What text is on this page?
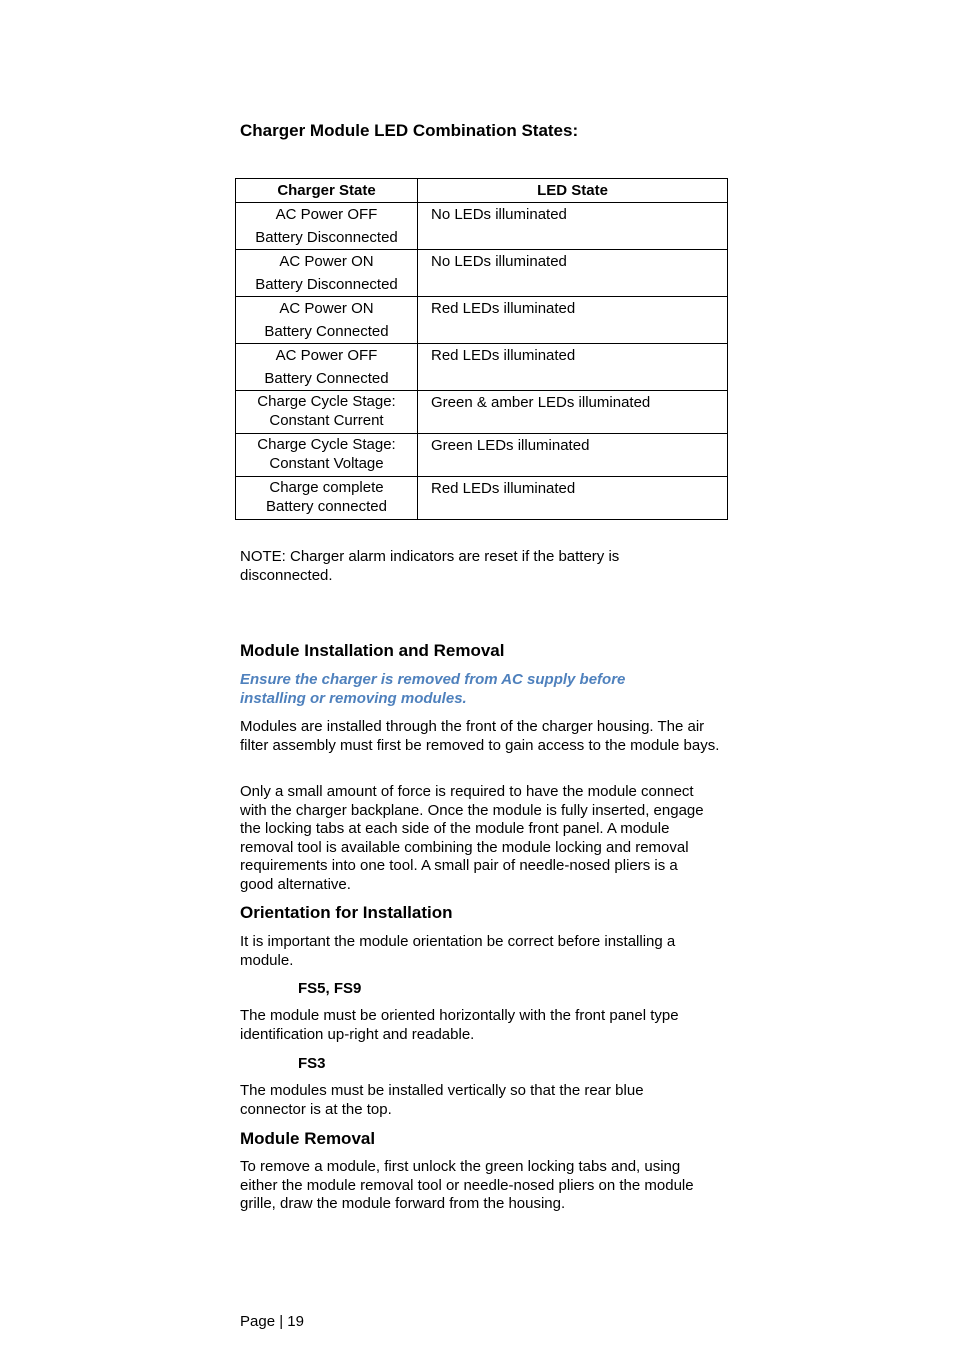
Charger Module LED Combination States:
Charger State	LED State

AC Power OFF
Battery Disconnected	No LEDs illuminated

AC Power ON
Battery Disconnected	No LEDs illuminated

AC Power ON
Battery Connected	Red LEDs illuminated

AC Power OFF
Battery Connected	Red LEDs illuminated

Charge Cycle Stage:
Constant Current	Green & amber LEDs illuminated

Charge Cycle Stage:
Constant Voltage	Green LEDs illuminated

Charge complete
Battery connected	Red LEDs illuminated

NOTE: Charger alarm indicators are reset if the battery is disconnected.

Module Installation and Removal

Ensure the charger is removed from AC supply before installing or removing modules.

Modules are installed through the front of the charger housing. The air filter assembly must first be removed to gain access to the module bays.

Only a small amount of force is required to have the module connect with the charger backplane. Once the module is fully inserted, engage the locking tabs at each side of the module front panel. A module removal tool is available combining the module locking and removal requirements into one tool. A small pair of needle-nosed pliers is a good alternative.

Orientation for Installation

It is important the module orientation be correct before installing a module.

FS5, FS9

The module must be oriented horizontally with the front panel type identification up-right and readable.

FS3

The modules must be installed vertically so that the rear blue connector is at the top.

Module Removal

To remove a module, first unlock the green locking tabs and, using either the module removal tool or needle-nosed pliers on the module grille, draw the module forward from the housing.

Page | 19
